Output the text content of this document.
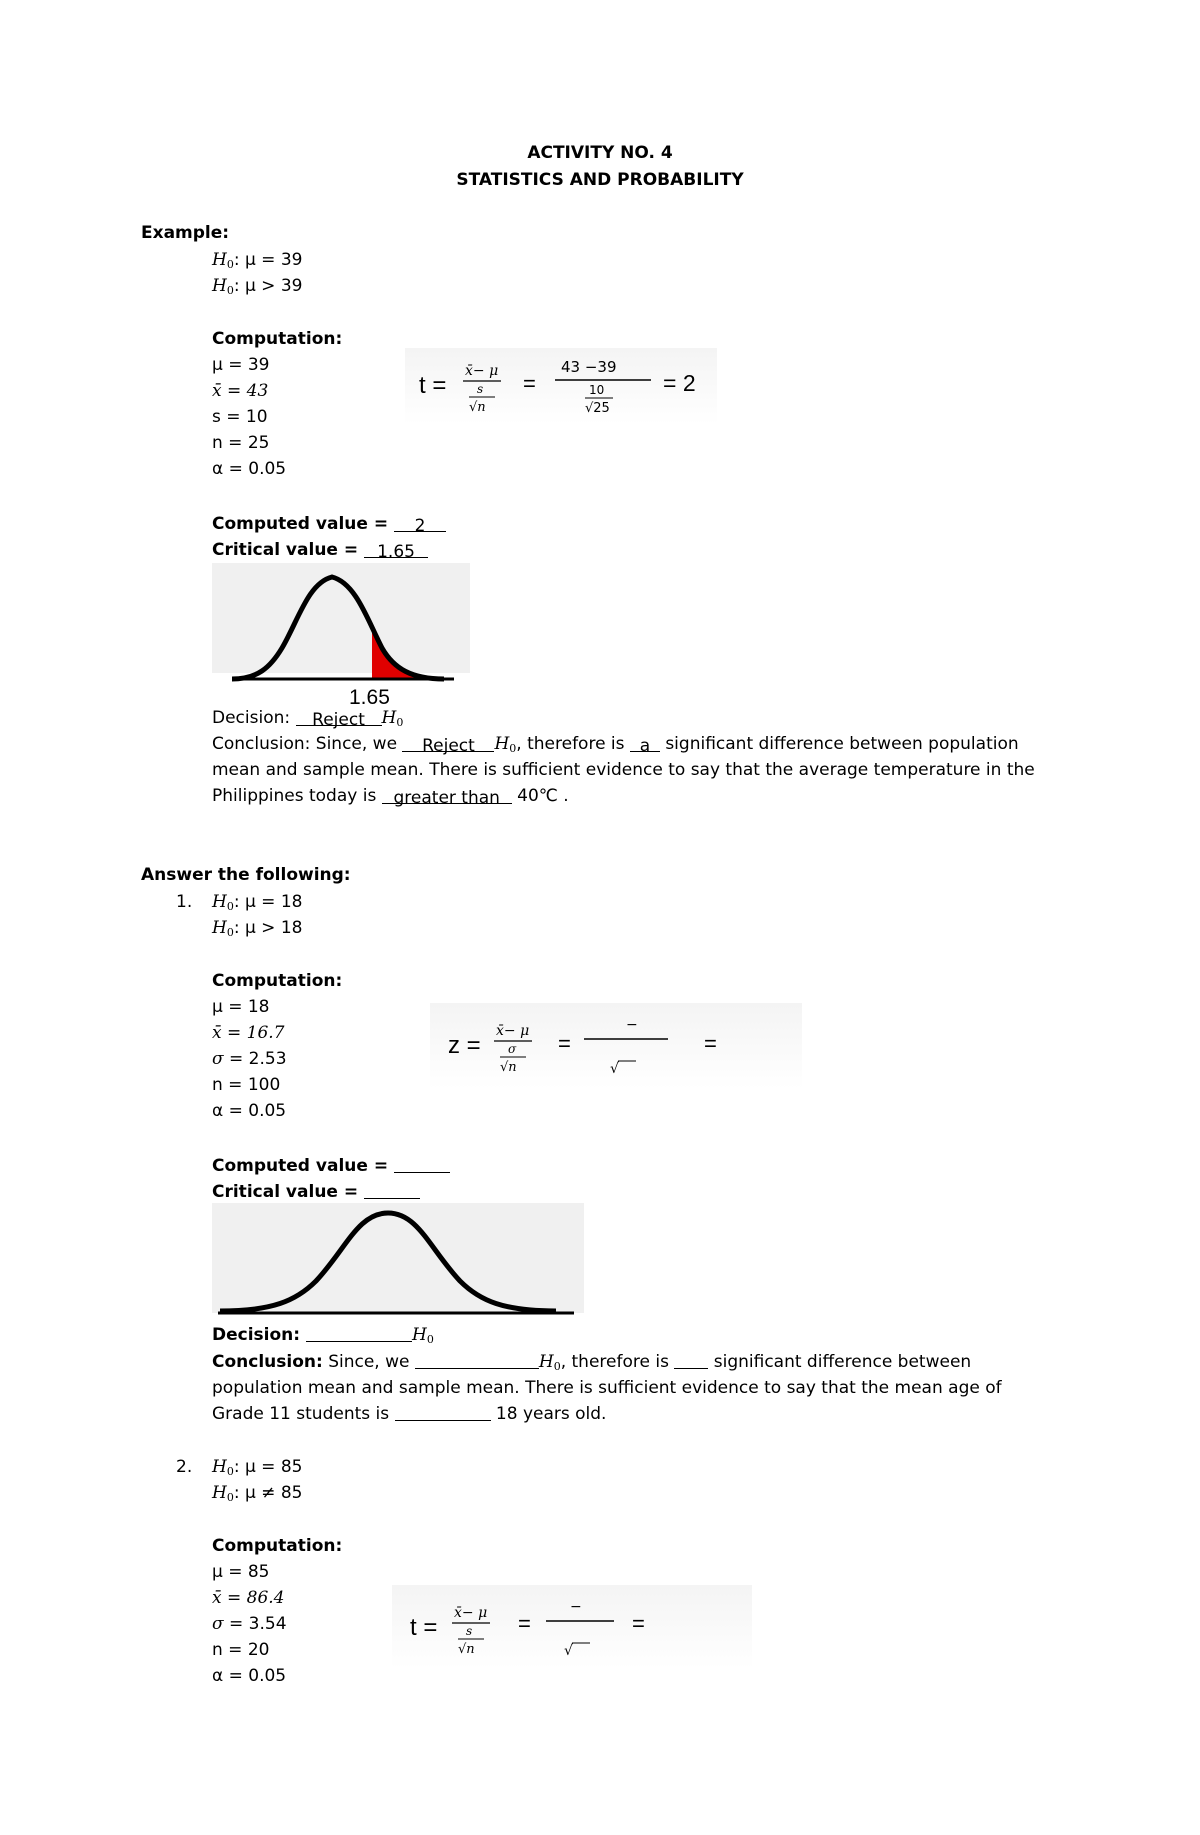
ACTIVITY NO. 4
STATISTICS AND PROBABILITY
Example:
$H_0$: μ = 39
$H_0$: μ > 39
Computation:
μ = 39
x̄ = 43
s = 10
n = 25
α = 0.05
t =
x̄− μ
s
√n
=
43 −39
10
√25
= 2
Computed value = 2
Critical value = 1.65
1.65
Decision: Reject $H_0$
Conclusion: Since, we Reject $H_0$, therefore is a significant difference between population
mean and sample mean. There is sufficient evidence to say that the average temperature in the
Philippines today is greater than 40℃ .
Answer the following:
1. $H_0$: μ = 18
$H_0$: μ > 18
Computation:
μ = 18
x̄ = 16.7
σ = 2.53
n = 100
α = 0.05
z =
x̄− μ
σ
√n
=
−
√
=
Computed value =
Critical value =
Decision:	$H_0$
Conclusion: Since, we	$H_0$, therefore is  significant difference between
population mean and sample mean. There is sufficient evidence to say that the mean age of
Grade 11 students is	18 years old.
2. $H_0$: μ = 85
$H_0$: μ ≠ 85
Computation:
μ = 85
x̄ = 86.4
σ = 3.54
n = 20
α = 0.05
t =
x̄− μ
s
√n
=
−
√
=
